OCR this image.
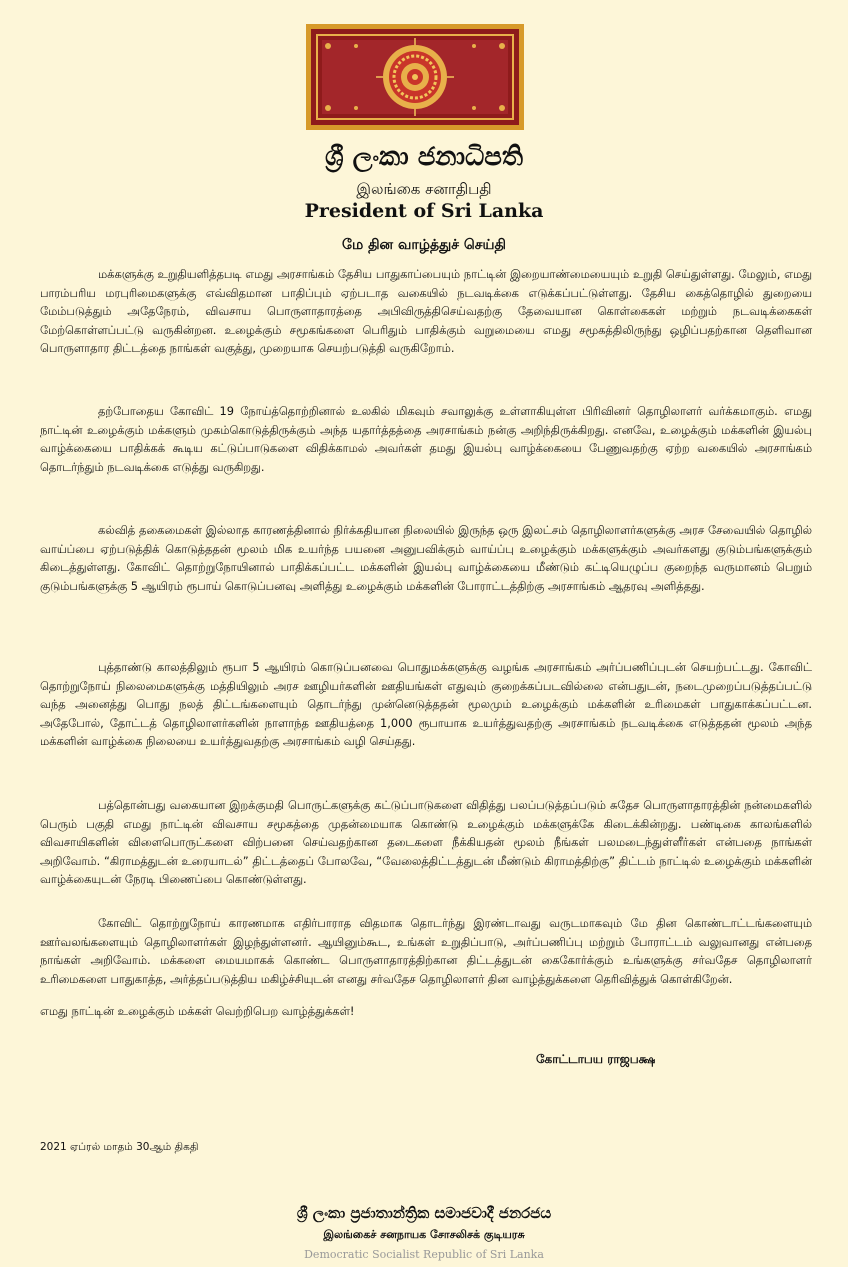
ශ්‍රී ලංකා ජනාධිපති
இலங்கை சனாதிபதி
President of Sri Lanka
மே தின வாழ்த்துச் செய்தி

மக்களுக்கு உறுதியளித்தபடி எமது அரசாங்கம் தேசிய பாதுகாப்பையும் நாட்டின் இறையாண்மையையும் உறுதி செய்துள்ளது. மேலும், எமது பாரம்பரிய மரபுரிமைகளுக்கு எவ்விதமான பாதிப்பும் ஏற்படாத வகையில் நடவடிக்கை எடுக்கப்பட்டுள்ளது. தேசிய கைத்தொழில் துறையை மேம்படுத்தும் அதேநேரம், விவசாய பொருளாதாரத்தை அபிவிருத்திசெய்வதற்கு தேவையான கொள்கைகள் மற்றும் நடவடிக்கைகள் மேற்கொள்ளப்பட்டு வருகின்றன. உழைக்கும் சமூகங்களை பெரிதும் பாதிக்கும் வறுமையை எமது சமூகத்திலிருந்து ஒழிப்பதற்கான தெளிவான பொருளாதார திட்டத்தை நாங்கள் வகுத்து, முறையாக செயற்படுத்தி வருகிறோம்.

தற்போதைய கோவிட் 19 நோய்த்தொற்றினால் உலகில் மிகவும் சவாலுக்கு உள்ளாகியுள்ள பிரிவினர் தொழிலாளர் வர்க்கமாகும். எமது நாட்டின் உழைக்கும் மக்களும் முகம்கொடுத்திருக்கும் அந்த யதார்த்தத்தை அரசாங்கம் நன்கு அறிந்திருக்கிறது. எனவே, உழைக்கும் மக்களின் இயல்பு வாழ்க்கையை பாதிக்கக் கூடிய கட்டுப்பாடுகளை விதிக்காமல் அவர்கள் தமது இயல்பு வாழ்க்கையை பேணுவதற்கு ஏற்ற வகையில் அரசாங்கம் தொடர்ந்தும் நடவடிக்கை எடுத்து வருகிறது.

கல்வித் தகைமைகள் இல்லாத காரணத்தினால் நிர்க்கதியான நிலையில் இருந்த ஒரு இலட்சம் தொழிலாளர்களுக்கு அரச சேவையில் தொழில் வாய்ப்பை ஏற்படுத்திக் கொடுத்ததன் மூலம் மிக உயர்ந்த பயனை அனுபவிக்கும் வாய்ப்பு உழைக்கும் மக்களுக்கும் அவர்களது குடும்பங்களுக்கும் கிடைத்துள்ளது. கோவிட் தொற்றுநோயினால் பாதிக்கப்பட்ட மக்களின் இயல்பு வாழ்க்கையை மீண்டும் கட்டியெழுப்ப குறைந்த வருமானம் பெறும் குடும்பங்களுக்கு 5 ஆயிரம் ரூபாய் கொடுப்பனவு அளித்து உழைக்கும் மக்களின் போராட்டத்திற்கு அரசாங்கம் ஆதரவு அளித்தது.

புத்தாண்டு காலத்திலும் ரூபா 5 ஆயிரம் கொடுப்பனவை பொதுமக்களுக்கு வழங்க அரசாங்கம் அர்ப்பணிப்புடன் செயற்பட்டது. கோவிட் தொற்றுநோய் நிலைமைகளுக்கு மத்தியிலும் அரச ஊழியர்களின் ஊதியங்கள் எதுவும் குறைக்கப்படவில்லை என்பதுடன், நடைமுறைப்படுத்தப்பட்டு வந்த அனைத்து பொது நலத் திட்டங்களையும் தொடர்ந்து முன்னெடுத்ததன் மூலமும் உழைக்கும் மக்களின் உரிமைகள் பாதுகாக்கப்பட்டன. அதேபோல், தோட்டத் தொழிலாளர்களின் நாளாந்த ஊதியத்தை 1,000 ரூபாயாக உயர்த்துவதற்கு அரசாங்கம் நடவடிக்கை எடுத்ததன் மூலம் அந்த மக்களின் வாழ்க்கை நிலையை உயர்த்துவதற்கு அரசாங்கம் வழி செய்தது.

பத்தொன்பது வகையான இறக்குமதி பொருட்களுக்கு கட்டுப்பாடுகளை விதித்து பலப்படுத்தப்படும் சுதேச பொருளாதாரத்தின் நன்மைகளில் பெரும் பகுதி எமது நாட்டின் விவசாய சமூகத்தை முதன்மையாக கொண்டு உழைக்கும் மக்களுக்கே கிடைக்கின்றது. பண்டிகை காலங்களில் விவசாயிகளின் விளைபொருட்களை விற்பனை செய்வதற்கான தடைகளை நீக்கியதன் மூலம் நீங்கள் பலமடைந்துள்ளீர்கள் என்பதை நாங்கள் அறிவோம். “கிராமத்துடன் உரையாடல்” திட்டத்தைப் போலவே, “வேலைத்திட்டத்துடன் மீண்டும் கிராமத்திற்கு” திட்டம் நாட்டில் உழைக்கும் மக்களின் வாழ்க்கையுடன் நேரடி பிணைப்பை கொண்டுள்ளது.

கோவிட் தொற்றுநோய் காரணமாக எதிர்பாராத விதமாக தொடர்ந்து இரண்டாவது வருடமாகவும் மே தின கொண்டாட்டங்களையும் ஊர்வலங்களையும் தொழிலாளர்கள் இழந்துள்ளனர். ஆயினும்கூட, உங்கள் உறுதிப்பாடு, அர்ப்பணிப்பு மற்றும் போராட்டம் வலுவானது என்பதை நாங்கள் அறிவோம். மக்களை மையமாகக் கொண்ட பொருளாதாரத்திற்கான திட்டத்துடன் கைகோர்க்கும் உங்களுக்கு சர்வதேச தொழிலாளர் உரிமைகளை பாதுகாத்த, அர்த்தப்படுத்திய மகிழ்ச்சியுடன் எனது சர்வதேச தொழிலாளர் தின வாழ்த்துக்களை தெரிவித்துக் கொள்கிறேன்.

எமது நாட்டின் உழைக்கும் மக்கள் வெற்றிபெற வாழ்த்துக்கள்!
கோட்டாபய ராஜபக்ஷ
2021 ஏப்ரல் மாதம் 30ஆம் திகதி
ශ්‍රී ලංකා ප්‍රජාතාන්ත්‍රික සමාජවාදී ජනරජය
இலங்கைச் சனநாயக சோசலிசக் குடியரசு
Democratic Socialist Republic of Sri Lanka
